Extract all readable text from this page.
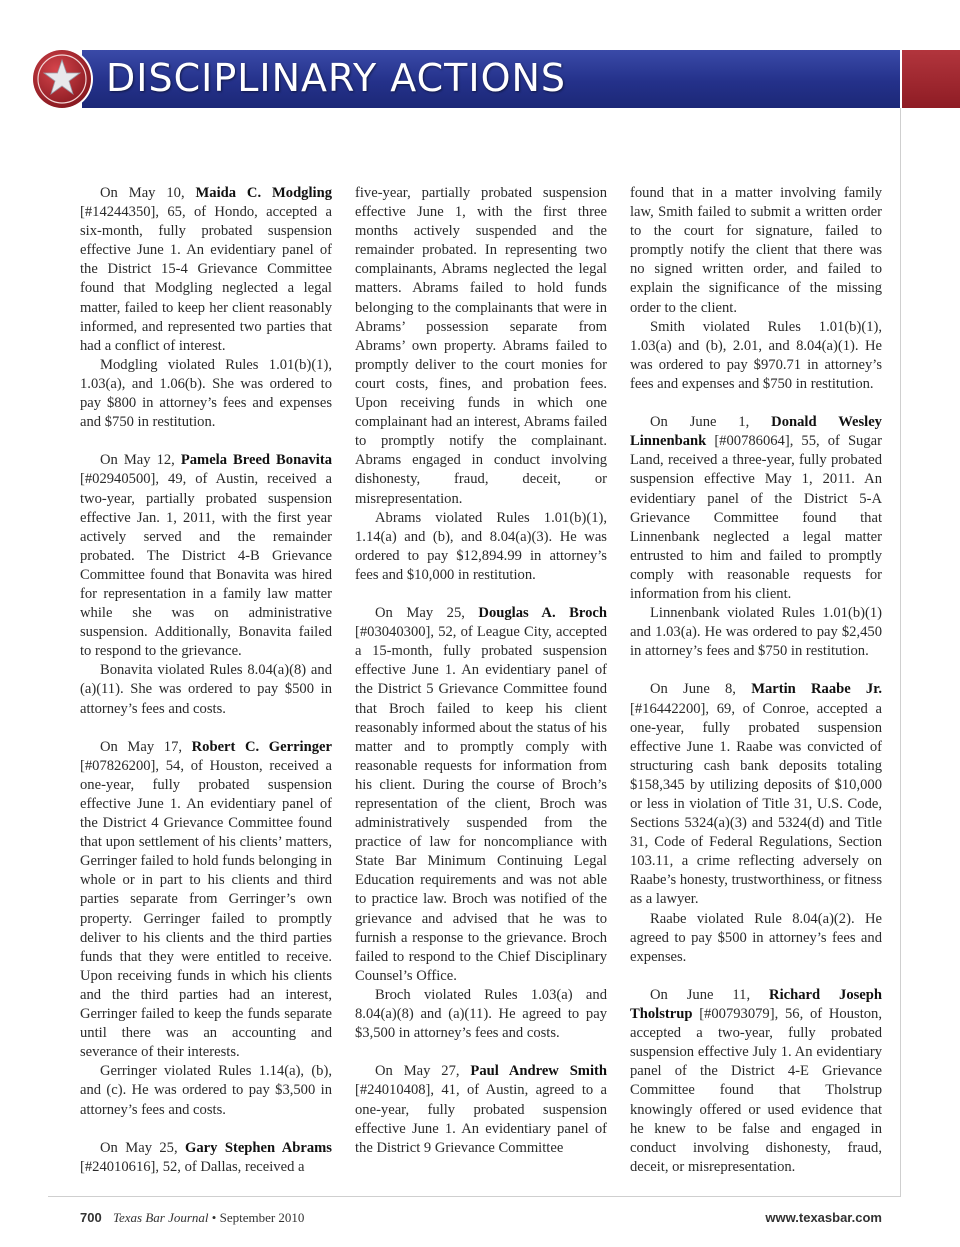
DISCIPLINARY ACTIONS

On May 10, Maida C. Modgling [#14244350], 65, of Hondo, accepted a six-month, fully probated suspension effective June 1. An evidentiary panel of the District 15-4 Grievance Committee found that Modgling neglected a legal matter, failed to keep her client reasonably informed, and represented two parties that had a conflict of interest.

Modgling violated Rules 1.01(b)(1), 1.03(a), and 1.06(b). She was ordered to pay $800 in attorney’s fees and expenses and $750 in restitution.

On May 12, Pamela Breed Bonavita [#02940500], 49, of Austin, received a two-year, partially probated suspension effective Jan. 1, 2011, with the first year actively served and the remainder probated. The District 4-B Grievance Committee found that Bonavita was hired for representation in a family law matter while she was on administrative suspension. Additionally, Bonavita failed to respond to the grievance.

Bonavita violated Rules 8.04(a)(8) and (a)(11). She was ordered to pay $500 in attorney’s fees and costs.

On May 17, Robert C. Gerringer [#07826200], 54, of Houston, received a one-year, fully probated suspension effective June 1. An evidentiary panel of the District 4 Grievance Committee found that upon settlement of his clients’ matters, Gerringer failed to hold funds belonging in whole or in part to his clients and third parties separate from Gerringer’s own property. Gerringer failed to promptly deliver to his clients and the third parties funds that they were entitled to receive. Upon receiving funds in which his clients and the third parties had an interest, Gerringer failed to keep the funds separate until there was an accounting and severance of their interests.

Gerringer violated Rules 1.14(a), (b), and (c). He was ordered to pay $3,500 in attorney’s fees and costs.

On May 25, Gary Stephen Abrams [#24010616], 52, of Dallas, received a

five-year, partially probated suspension effective June 1, with the first three months actively suspended and the remainder probated. In representing two complainants, Abrams neglected the legal matters. Abrams failed to hold funds belonging to the complainants that were in Abrams’ possession separate from Abrams’ own property. Abrams failed to promptly deliver to the court monies for court costs, fines, and probation fees. Upon receiving funds in which one complainant had an interest, Abrams failed to promptly notify the complainant. Abrams engaged in conduct involving dishonesty, fraud, deceit, or misrepresentation.

Abrams violated Rules 1.01(b)(1), 1.14(a) and (b), and 8.04(a)(3). He was ordered to pay $12,894.99 in attorney’s fees and $10,000 in restitution.

On May 25, Douglas A. Broch [#03040300], 52, of League City, accepted a 15-month, fully probated suspension effective June 1. An evidentiary panel of the District 5 Grievance Committee found that Broch failed to keep his client reasonably informed about the status of his matter and to promptly comply with reasonable requests for information from his client. During the course of Broch’s representation of the client, Broch was administratively suspended from the practice of law for noncompliance with State Bar Minimum Continuing Legal Education requirements and was not able to practice law. Broch was notified of the grievance and advised that he was to furnish a response to the grievance. Broch failed to respond to the Chief Disciplinary Counsel’s Office.

Broch violated Rules 1.03(a) and 8.04(a)(8) and (a)(11). He agreed to pay $3,500 in attorney’s fees and costs.

On May 27, Paul Andrew Smith [#24010408], 41, of Austin, agreed to a one-year, fully probated suspension effective June 1. An evidentiary panel of the District 9 Grievance Committee

found that in a matter involving family law, Smith failed to submit a written order to the court for signature, failed to promptly notify the client that there was no signed written order, and failed to explain the significance of the missing order to the client.

Smith violated Rules 1.01(b)(1), 1.03(a) and (b), 2.01, and 8.04(a)(1). He was ordered to pay $970.71 in attorney’s fees and expenses and $750 in restitution.

On June 1, Donald Wesley Linnenbank [#00786064], 55, of Sugar Land, received a three-year, fully probated suspension effective May 1, 2011. An evidentiary panel of the District 5-A Grievance Committee found that Linnenbank neglected a legal matter entrusted to him and failed to promptly comply with reasonable requests for information from his client.

Linnenbank violated Rules 1.01(b)(1) and 1.03(a). He was ordered to pay $2,450 in attorney’s fees and $750 in restitution.

On June 8, Martin Raabe Jr. [#16442200], 69, of Conroe, accepted a one-year, fully probated suspension effective June 1. Raabe was convicted of structuring cash bank deposits totaling $158,345 by utilizing deposits of $10,000 or less in violation of Title 31, U.S. Code, Sections 5324(a)(3) and 5324(d) and Title 31, Code of Federal Regulations, Section 103.11, a crime reflecting adversely on Raabe’s honesty, trustworthiness, or fitness as a lawyer.

Raabe violated Rule 8.04(a)(2). He agreed to pay $500 in attorney’s fees and expenses.

On June 11, Richard Joseph Tholstrup [#00793079], 56, of Houston, accepted a two-year, fully probated suspension effective July 1. An evidentiary panel of the District 4-E Grievance Committee found that Tholstrup knowingly offered or used evidence that he knew to be false and engaged in conduct involving dishonesty, fraud, deceit, or misrepresentation.

700 Texas Bar Journal • September 2010	www.texasbar.com
